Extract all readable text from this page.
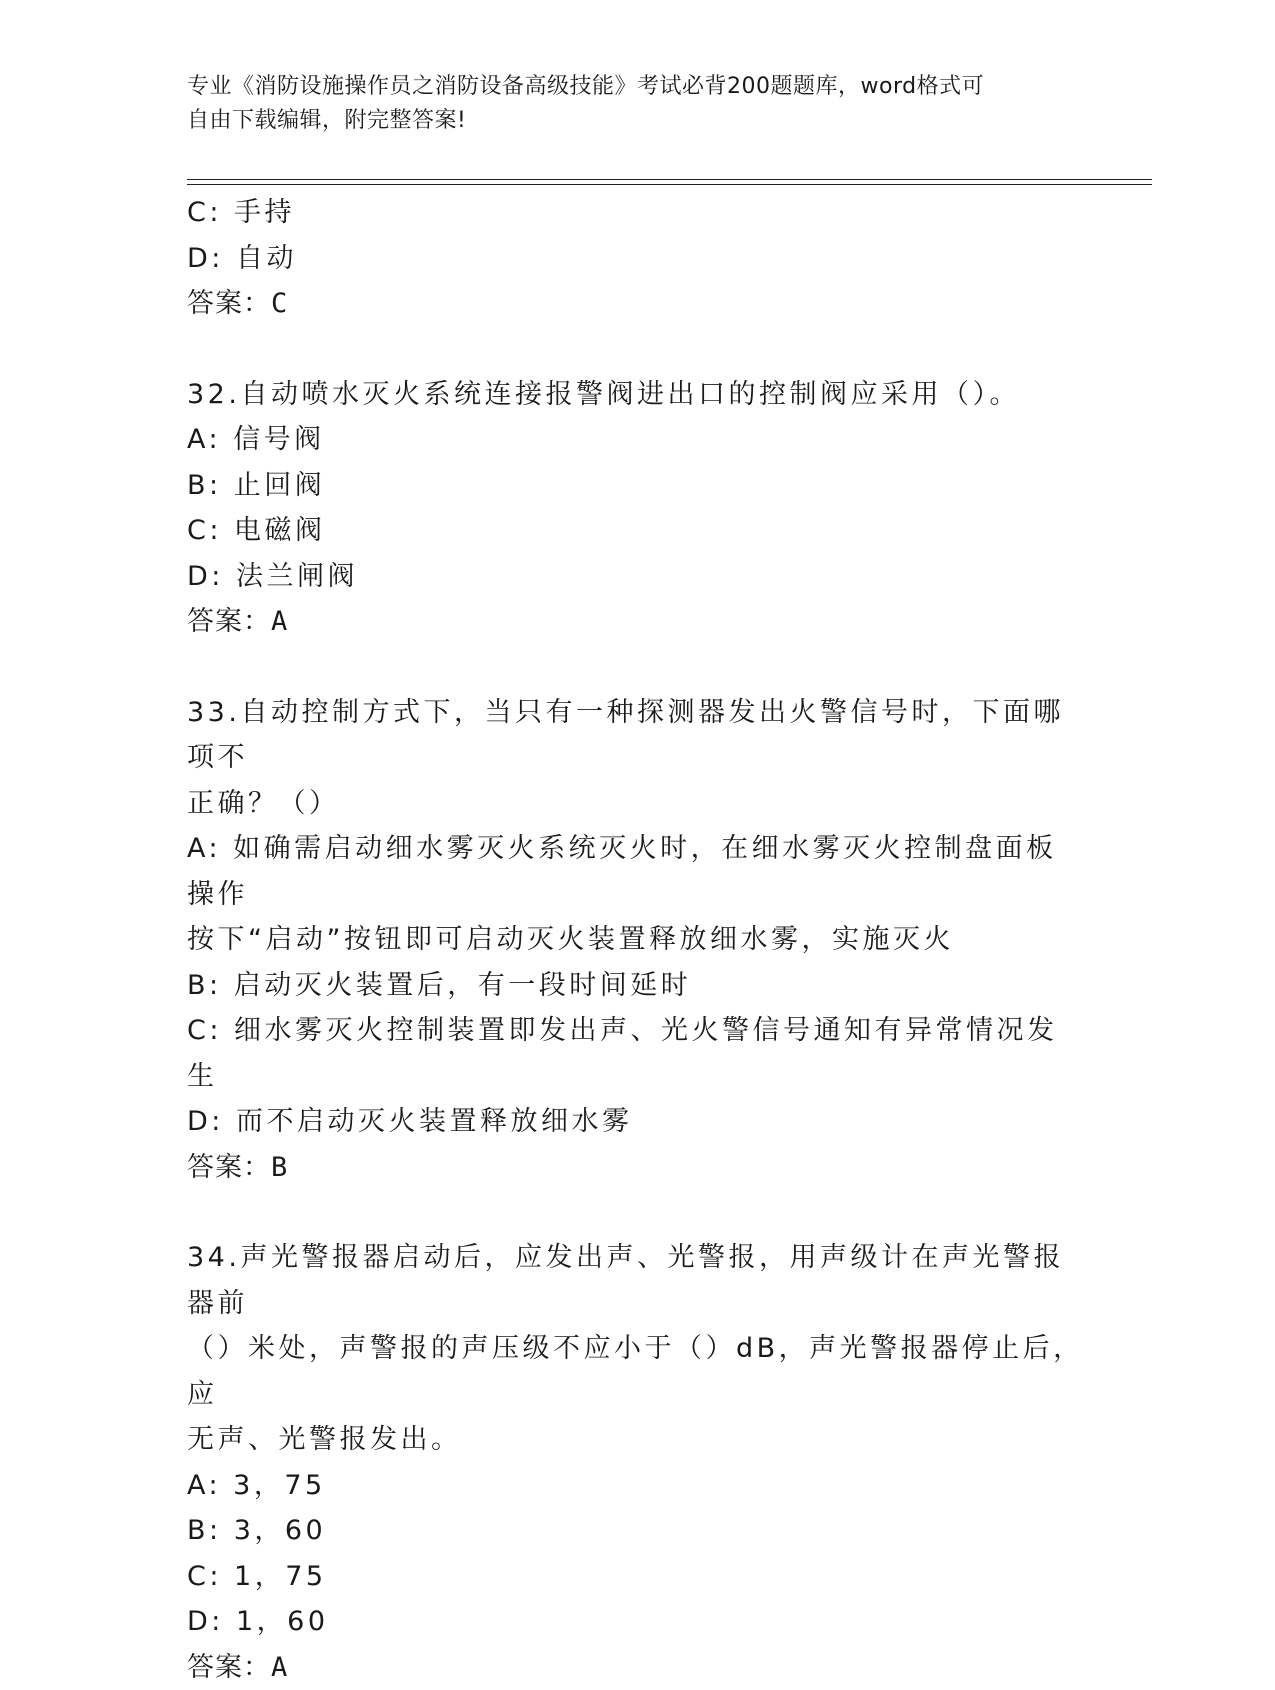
专业《消防设施操作员之消防设备高级技能》考试必背200题题库，word格式可
自由下载编辑，附完整答案!
C: 手持
D: 自动
答案：C
32.自动喷水灭火系统连接报警阀进出口的控制阀应采用（）。
A: 信号阀
B: 止回阀
C: 电磁阀
D: 法兰闸阀
答案：A
33.自动控制方式下，当只有一种探测器发出火警信号时，下面哪项不
正确？（）
A: 如确需启动细水雾灭火系统灭火时，在细水雾灭火控制盘面板操作
按下“启动”按钮即可启动灭火装置释放细水雾，实施灭火
B: 启动灭火装置后，有一段时间延时
C: 细水雾灭火控制装置即发出声、光火警信号通知有异常情况发生
D: 而不启动灭火装置释放细水雾
答案：B
34.声光警报器启动后，应发出声、光警报，用声级计在声光警报器前
（）米处，声警报的声压级不应小于（）dB，声光警报器停止后，应
无声、光警报发出。
A: 3，75
B: 3，60
C: 1，75
D: 1，60
答案：A
